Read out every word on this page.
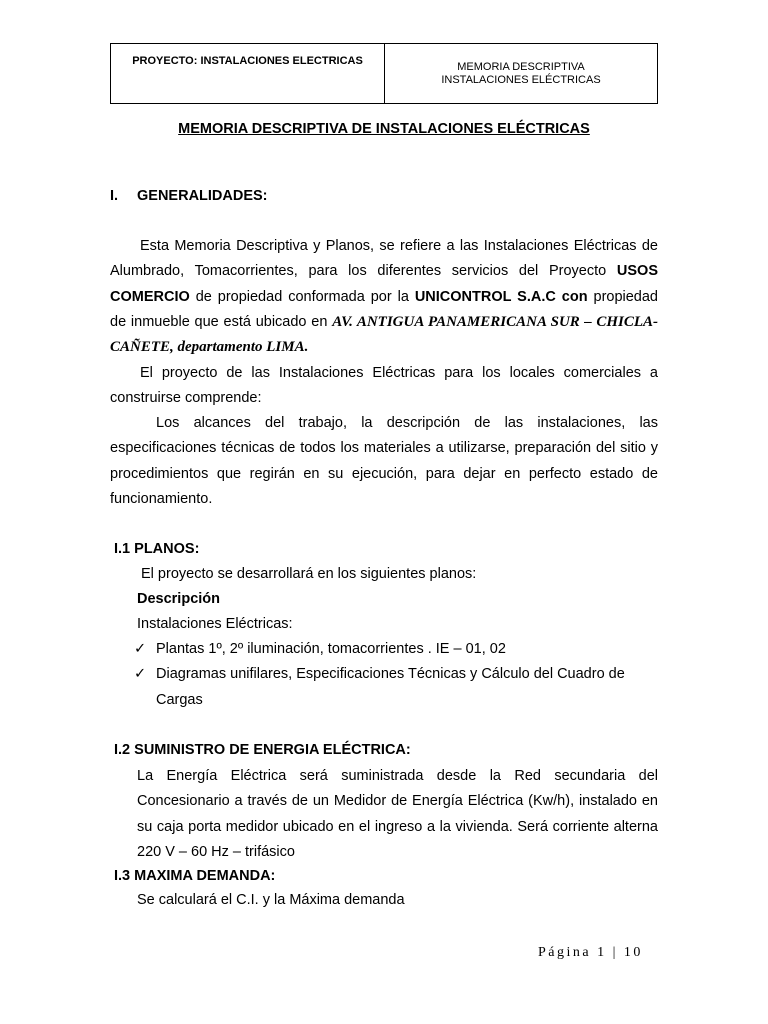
PROYECTO: INSTALACIONES ELECTRICAS	MEMORIA DESCRIPTIVA
INSTALACIONES ELÉCTRICAS
MEMORIA DESCRIPTIVA DE INSTALACIONES ELÉCTRICAS
I. GENERALIDADES:
Esta Memoria Descriptiva y Planos, se refiere a las Instalaciones Eléctricas de Alumbrado, Tomacorrientes, para los diferentes servicios del Proyecto USOS COMERCIO de propiedad conformada por la UNICONTROL S.A.C con propiedad de inmueble que está ubicado en AV. ANTIGUA PANAMERICANA SUR – CHICLA- CAÑETE, departamento LIMA.
El proyecto de las Instalaciones Eléctricas para los locales comerciales a construirse comprende:
Los alcances del trabajo, la descripción de las instalaciones, las especificaciones técnicas de todos los materiales a utilizarse, preparación del sitio y procedimientos que regirán en su ejecución, para dejar en perfecto estado de funcionamiento.
I.1 PLANOS:
El proyecto se desarrollará en los siguientes planos:
Descripción
Instalaciones Eléctricas:
✓ Plantas 1º, 2º iluminación, tomacorrientes . IE – 01, 02
✓ Diagramas unifilares, Especificaciones Técnicas y Cálculo del Cuadro de
Cargas
I.2 SUMINISTRO DE ENERGIA ELÉCTRICA:
La Energía Eléctrica será suministrada desde la Red secundaria del Concesionario a través de un Medidor de Energía Eléctrica (Kw/h), instalado en su caja porta medidor ubicado en el ingreso a la vivienda. Será corriente alterna 220 V – 60 Hz – trifásico
I.3 MAXIMA DEMANDA:
Se calculará el C.I. y la Máxima demanda
Página 1 | 10
